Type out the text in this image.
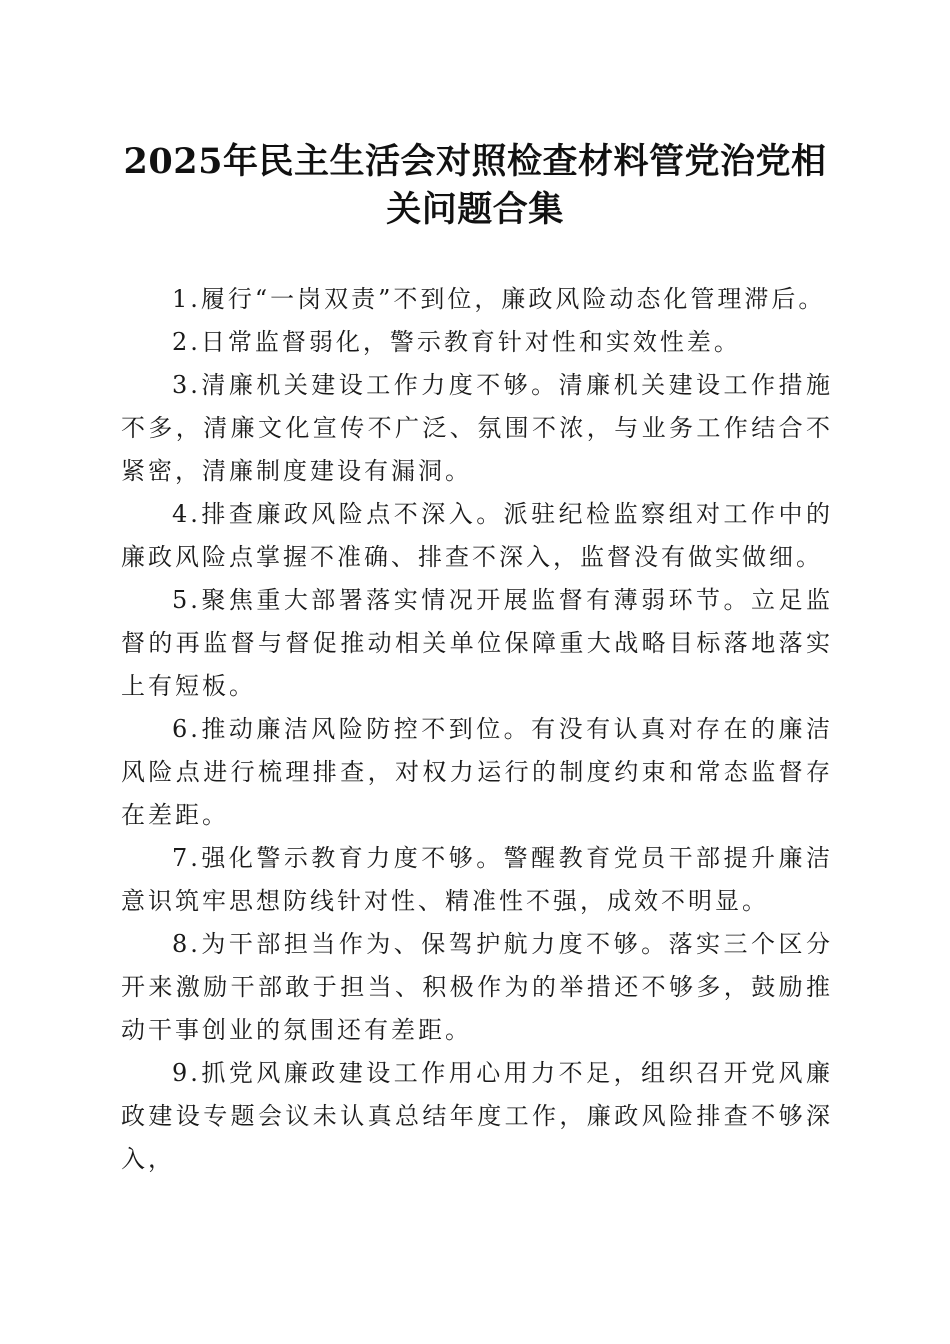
2025年民主生活会对照检查材料管党治党相关问题合集

1.履行“一岗双责”不到位，廉政风险动态化管理滞后。

2.日常监督弱化，警示教育针对性和实效性差。

3.清廉机关建设工作力度不够。清廉机关建设工作措施不多，清廉文化宣传不广泛、氛围不浓，与业务工作结合不紧密，清廉制度建设有漏洞。

4.排查廉政风险点不深入。派驻纪检监察组对工作中的廉政风险点掌握不准确、排查不深入，监督没有做实做细。

5.聚焦重大部署落实情况开展监督有薄弱环节。立足监督的再监督与督促推动相关单位保障重大战略目标落地落实上有短板。

6.推动廉洁风险防控不到位。有没有认真对存在的廉洁风险点进行梳理排查，对权力运行的制度约束和常态监督存在差距。

7.强化警示教育力度不够。警醒教育党员干部提升廉洁意识筑牢思想防线针对性、精准性不强，成效不明显。

8.为干部担当作为、保驾护航力度不够。落实三个区分开来激励干部敢于担当、积极作为的举措还不够多，鼓励推动干事创业的氛围还有差距。

9.抓党风廉政建设工作用心用力不足，组织召开党风廉政建设专题会议未认真总结年度工作，廉政风险排查不够深入，
